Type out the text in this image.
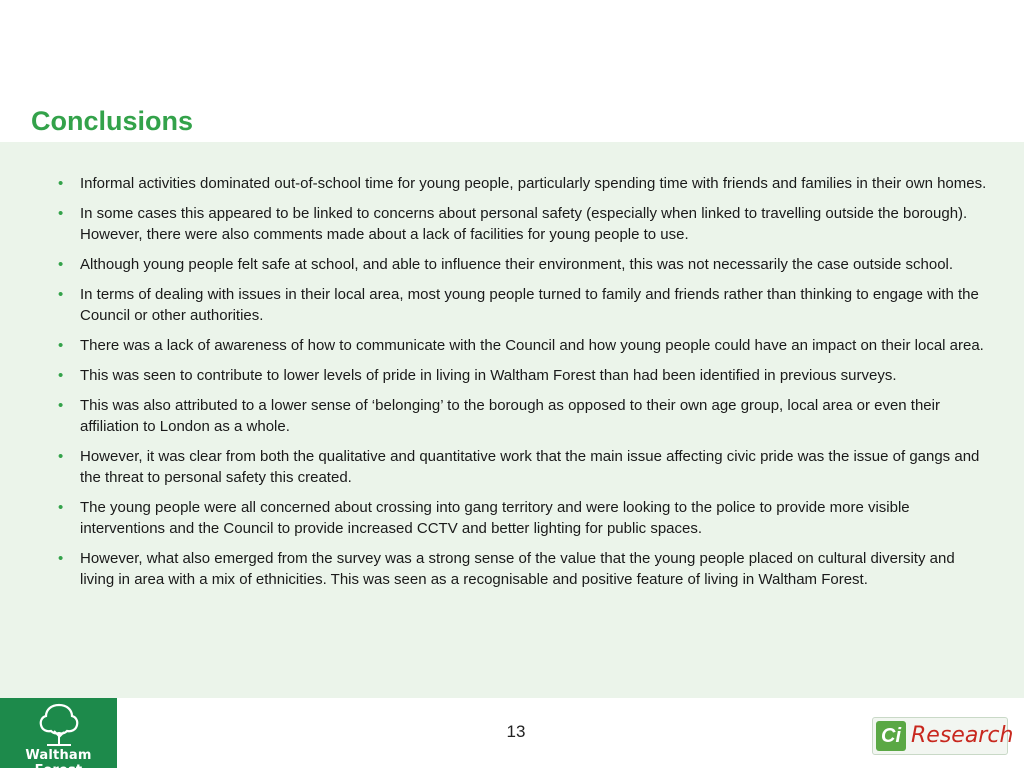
Conclusions
• Informal activities dominated out-of-school time for young people, particularly spending time with friends and families in their own homes.
• In some cases this appeared to be linked to concerns about personal safety (especially when linked to travelling outside the borough). However, there were also comments made about a lack of facilities for young people to use.
• Although young people felt safe at school, and able to influence their environment, this was not necessarily the case outside school.
• In terms of dealing with issues in their local area, most young people turned to family and friends rather than thinking to engage with the Council or other authorities.
• There was a lack of awareness of how to communicate with the Council and how young people could have an impact on their local area.
• This was seen to contribute to lower levels of pride in living in Waltham Forest than had been identified in previous surveys.
• This was also attributed to a lower sense of ‘belonging’ to the borough as opposed to their own age group, local area or even their affiliation to London as a whole.
• However, it was clear from both the qualitative and quantitative work that the main issue affecting civic pride was the issue of gangs and the threat to personal safety this created.
• The young people were all concerned about crossing into gang territory and were looking to the police to provide more visible interventions and the Council to provide increased CCTV and better lighting for public spaces.
• However, what also emerged from the survey was a strong sense of the value that the young people placed on cultural diversity and living in area with a mix of ethnicities. This was seen as a recognisable and positive feature of living in Waltham Forest.
Waltham Forest
13	Ci Research
